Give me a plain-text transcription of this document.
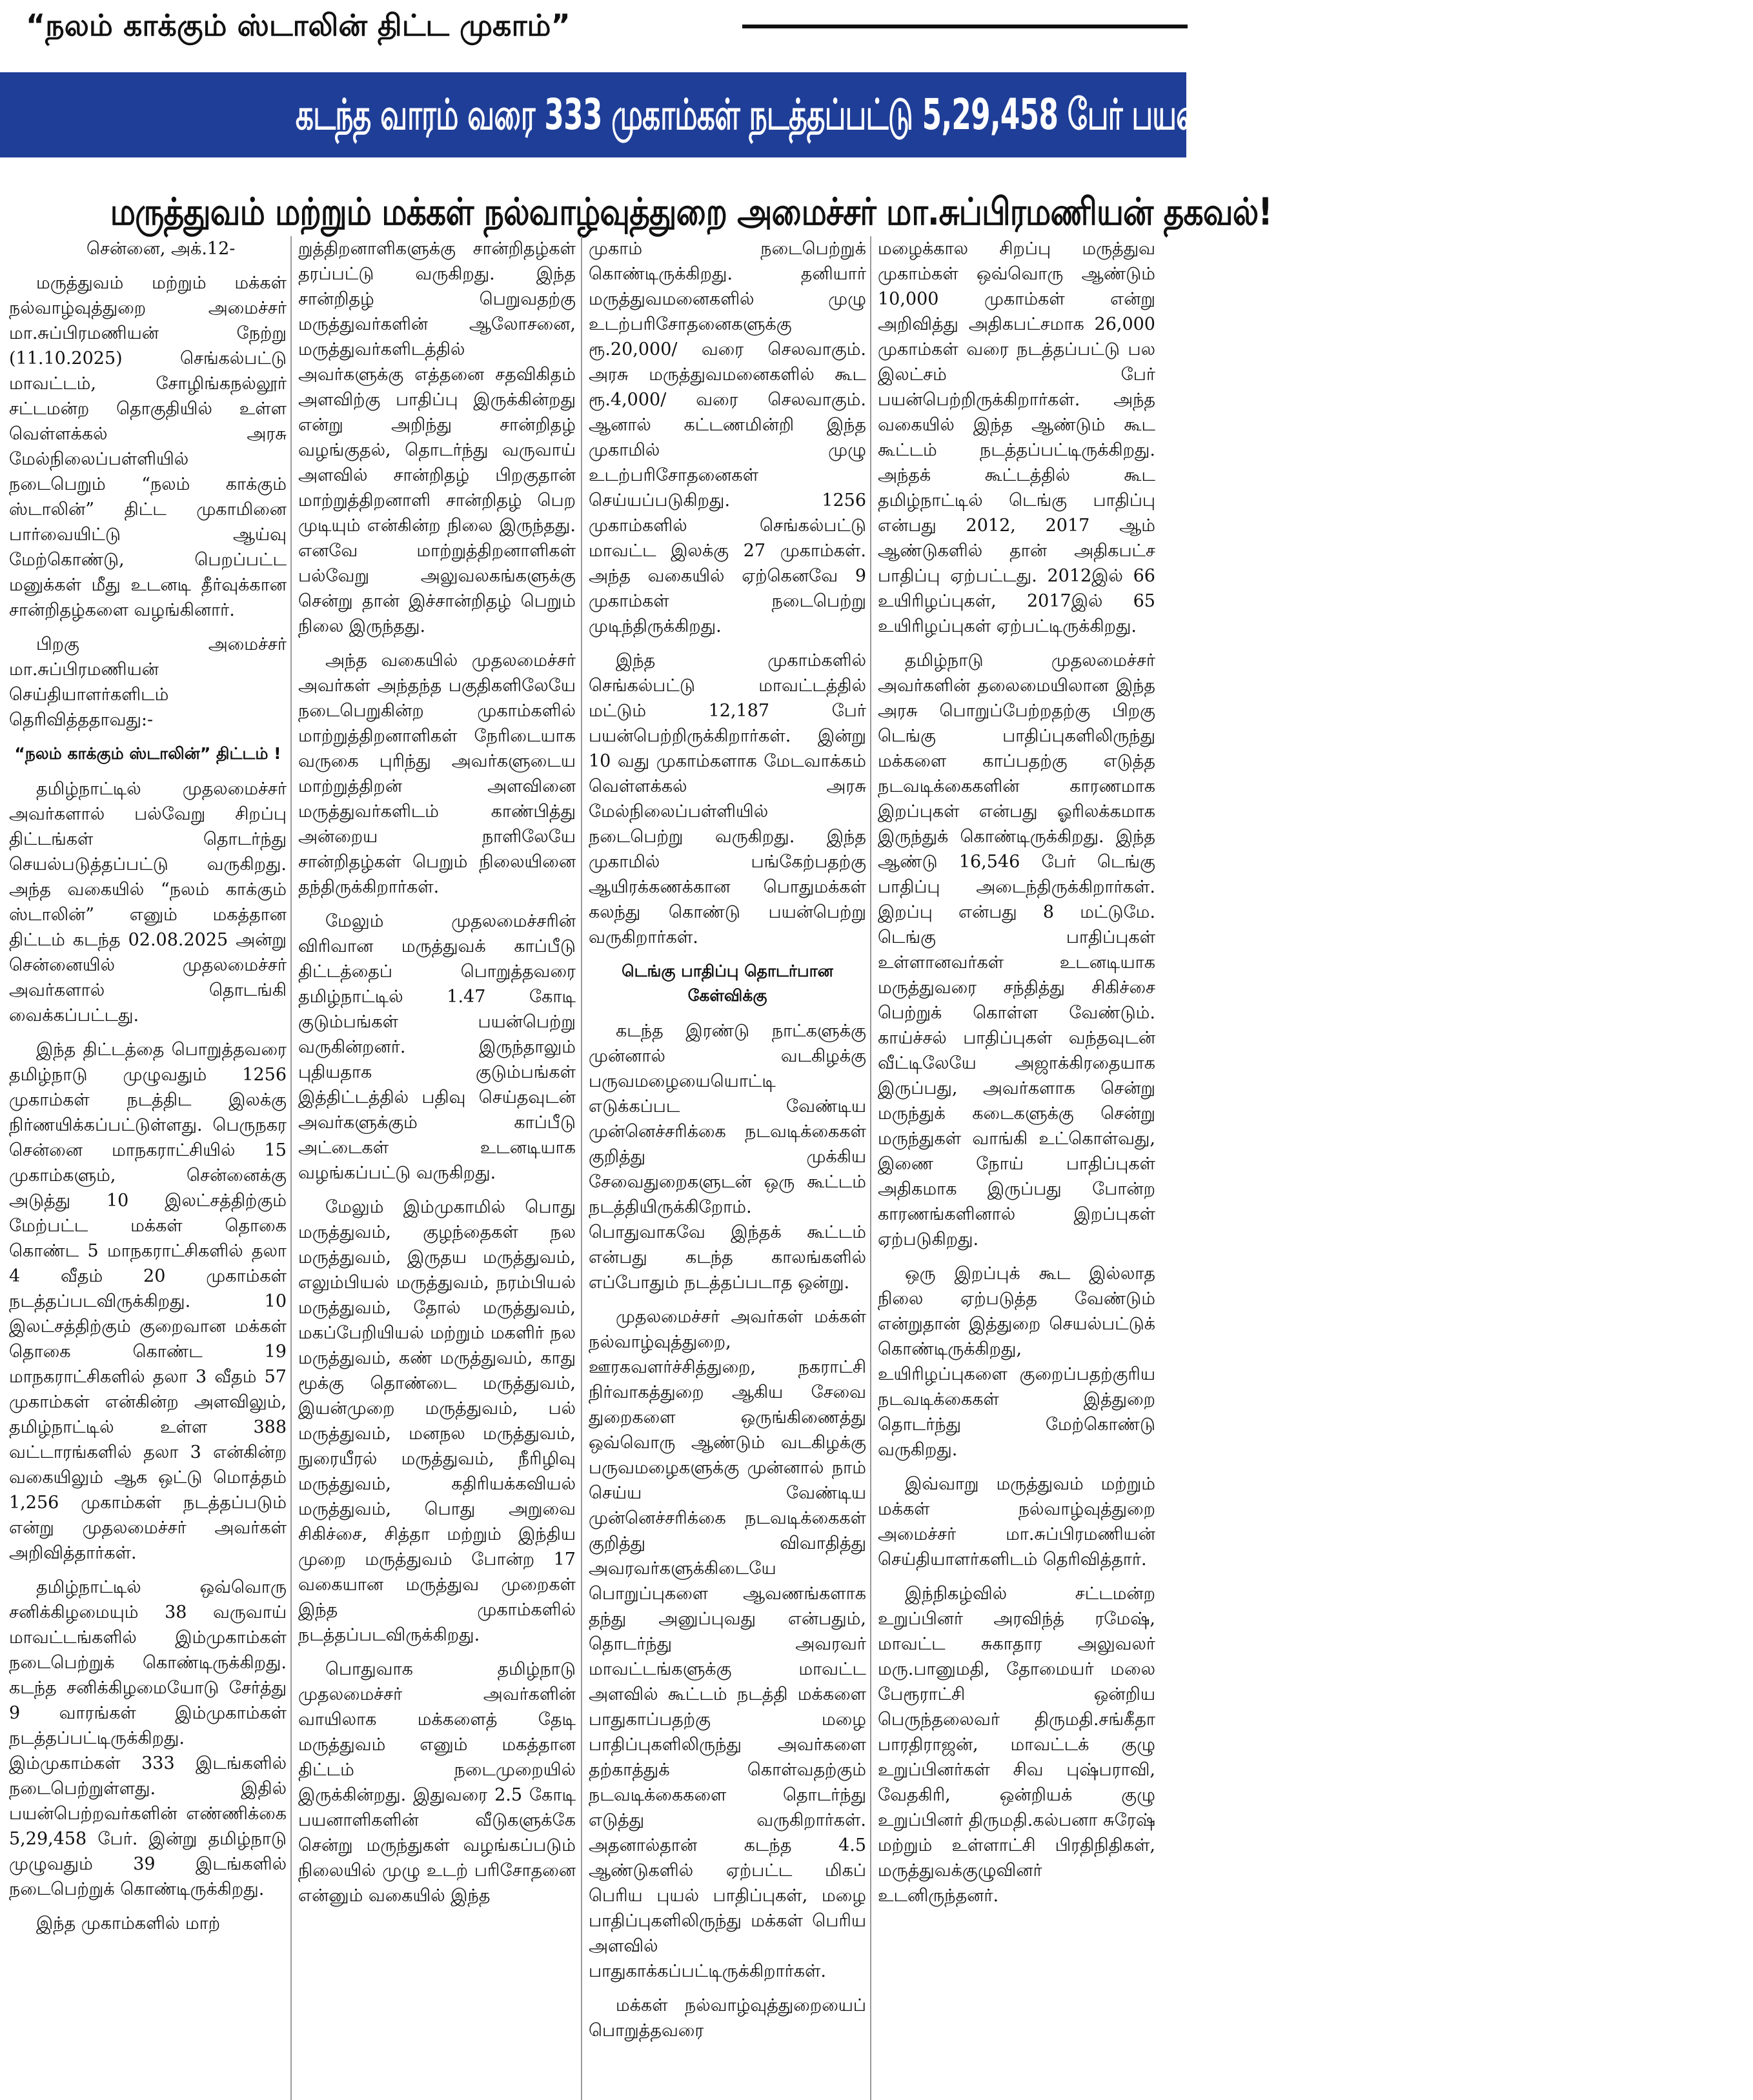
“நலம் காக்கும் ஸ்டாலின் திட்ட முகாம்”
கடந்த வாரம் வரை 333 முகாம்கள் நடத்தப்பட்டு 5,29,458 பேர் பயன்பெற்றிருக்கிறார்கள்!
மருத்துவம் மற்றும் மக்கள் நல்வாழ்வுத்துறை அமைச்சர் மா.சுப்பிரமணியன் தகவல்!

சென்னை, அக்.12-

மருத்துவம் மற்றும் மக்கள் நல்வாழ்வுத்துறை அமைச்சர் மா.சுப்பிரமணியன் நேற்று (11.10.2025) செங்கல்பட்டு மாவட்டம், சோழிங்கநல்லூர் சட்டமன்ற தொகுதியில் உள்ள வெள்ளக்கல் அரசு மேல்நிலைப்பள்ளியில் நடைபெறும் “நலம் காக்கும் ஸ்டாலின்” திட்ட முகாமினை பார்வையிட்டு ஆய்வு மேற்கொண்டு, பெறப்பட்ட மனுக்கள் மீது உடனடி தீர்வுக்கான சான்றிதழ்களை வழங்கினார்.

பிறகு அமைச்சர் மா.சுப்பிரமணியன் செய்தியாளர்களிடம் தெரிவித்ததாவது:-

“நலம் காக்கும் ஸ்டாலின்” திட்டம் !

தமிழ்நாட்டில் முதலமைச்சர் அவர்களால் பல்வேறு சிறப்பு திட்டங்கள் தொடர்ந்து செயல்படுத்தப்பட்டு வருகிறது. அந்த வகையில் “நலம் காக்கும் ஸ்டாலின்” எனும் மகத்தான திட்டம் கடந்த 02.08.2025 அன்று சென்னையில் முதலமைச்சர் அவர்களால் தொடங்கி வைக்கப்பட்டது.

இந்த திட்டத்தை பொறுத்தவரை தமிழ்நாடு முழுவதும் 1256 முகாம்கள் நடத்திட இலக்கு நிர்ணயிக்கப்பட்டுள்ளது. பெருநகர சென்னை மாநகராட்சியில் 15 முகாம்களும், சென்னைக்கு அடுத்து 10 இலட்சத்திற்கும் மேற்பட்ட மக்கள் தொகை கொண்ட 5 மாநகராட்சிகளில் தலா 4 வீதம் 20 முகாம்கள் நடத்தப்படவிருக்கிறது. 10 இலட்சத்திற்கும் குறைவான மக்கள் தொகை கொண்ட 19 மாநகராட்சிகளில் தலா 3 வீதம் 57 முகாம்கள் என்கின்ற அளவிலும், தமிழ்நாட்டில் உள்ள 388 வட்டாரங்களில் தலா 3 என்கின்ற வகையிலும் ஆக ஒட்டு மொத்தம் 1,256 முகாம்கள் நடத்தப்படும் என்று முதலமைச்சர் அவர்கள் அறிவித்தார்கள்.

தமிழ்நாட்டில் ஒவ்வொரு சனிக்கிழமையும் 38 வருவாய் மாவட்டங்களில் இம்முகாம்கள் நடைபெற்றுக் கொண்டிருக்கிறது. கடந்த சனிக்கிழமையோடு சேர்த்து 9 வாரங்கள் இம்முகாம்கள் நடத்தப்பட்டிருக்கிறது. இம்முகாம்கள் 333 இடங்களில் நடைபெற்றுள்ளது. இதில் பயன்பெற்றவர்களின் எண்ணிக்கை 5,29,458 பேர். இன்று தமிழ்நாடு முழுவதும் 39 இடங்களில் நடைபெற்றுக் கொண்டிருக்கிறது.

இந்த முகாம்களில் மாற்

றுத்திறனாளிகளுக்கு சான்றிதழ்கள் தரப்பட்டு வருகிறது. இந்த சான்றிதழ் பெறுவதற்கு மருத்துவர்களின் ஆலோசனை, மருத்துவர்களிடத்தில் அவர்களுக்கு எத்தனை சதவிகிதம் அளவிற்கு பாதிப்பு இருக்கின்றது என்று அறிந்து சான்றிதழ் வழங்குதல், தொடர்ந்து வருவாய் அளவில் சான்றிதழ் பிறகுதான் மாற்றுத்திறனாளி சான்றிதழ் பெற முடியும் என்கின்ற நிலை இருந்தது. எனவே மாற்றுத்திறனாளிகள் பல்வேறு அலுவலகங்களுக்கு சென்று தான் இச்சான்றிதழ் பெறும் நிலை இருந்தது.

அந்த வகையில் முதலமைச்சர் அவர்கள் அந்தந்த பகுதிகளிலேயே நடைபெறுகின்ற முகாம்களில் மாற்றுத்திறனாளிகள் நேரிடையாக வருகை புரிந்து அவர்களுடைய மாற்றுத்திறன் அளவினை மருத்துவர்களிடம் காண்பித்து அன்றைய நாளிலேயே சான்றிதழ்கள் பெறும் நிலையினை தந்திருக்கிறார்கள்.

மேலும் முதலமைச்சரின் விரிவான மருத்துவக் காப்பீடு திட்டத்தைப் பொறுத்தவரை தமிழ்நாட்டில் 1.47 கோடி குடும்பங்கள் பயன்பெற்று வருகின்றனர். இருந்தாலும் புதியதாக குடும்பங்கள் இத்திட்டத்தில் பதிவு செய்தவுடன் அவர்களுக்கும் காப்பீடு அட்டைகள் உடனடியாக வழங்கப்பட்டு வருகிறது.

மேலும் இம்முகாமில் பொது மருத்துவம், குழந்தைகள் நல மருத்துவம், இருதய மருத்துவம், எலும்பியல் மருத்துவம், நரம்பியல் மருத்துவம், தோல் மருத்துவம், மகப்பேறியியல் மற்றும் மகளிர் நல மருத்துவம், கண் மருத்துவம், காது மூக்கு தொண்டை மருத்துவம், இயன்முறை மருத்துவம், பல் மருத்துவம், மனநல மருத்துவம், நுரையீரல் மருத்துவம், நீரிழிவு மருத்துவம், கதிரியக்கவியல் மருத்துவம், பொது அறுவை சிகிச்சை, சித்தா மற்றும் இந்திய முறை மருத்துவம் போன்ற 17 வகையான மருத்துவ முறைகள் இந்த முகாம்களில் நடத்தப்படவிருக்கிறது.

பொதுவாக தமிழ்நாடு முதலமைச்சர் அவர்களின் வாயிலாக மக்களைத் தேடி மருத்துவம் எனும் மகத்தான திட்டம் நடைமுறையில் இருக்கின்றது. இதுவரை 2.5 கோடி பயனாளிகளின் வீடுகளுக்கே சென்று மருந்துகள் வழங்கப்படும் நிலையில் முழு உடற் பரிசோதனை என்னும் வகையில் இந்த

முகாம் நடைபெற்றுக் கொண்டிருக்கிறது. தனியார் மருத்துவமனைகளில் முழு உடற்பரிசோதனைகளுக்கு ரூ.20,000/ வரை செலவாகும். அரசு மருத்துவமனைகளில் கூட ரூ.4,000/ வரை செலவாகும். ஆனால் கட்டணமின்றி இந்த முகாமில் முழு உடற்பரிசோதனைகள் செய்யப்படுகிறது. 1256 முகாம்களில் செங்கல்பட்டு மாவட்ட இலக்கு 27 முகாம்கள். அந்த வகையில் ஏற்கெனவே 9 முகாம்கள் நடைபெற்று முடிந்திருக்கிறது.

இந்த முகாம்களில் செங்கல்பட்டு மாவட்டத்தில் மட்டும் 12,187 பேர் பயன்பெற்றிருக்கிறார்கள். இன்று 10 வது முகாம்களாக மேடவாக்கம் வெள்ளக்கல் அரசு மேல்நிலைப்பள்ளியில் நடைபெற்று வருகிறது. இந்த முகாமில் பங்கேற்பதற்கு ஆயிரக்கணக்கான பொதுமக்கள் கலந்து கொண்டு பயன்பெற்று வருகிறார்கள்.

டெங்கு பாதிப்பு தொடர்பான கேள்விக்கு

கடந்த இரண்டு நாட்களுக்கு முன்னால் வடகிழக்கு பருவமழையையொட்டி எடுக்கப்பட வேண்டிய முன்னெச்சரிக்கை நடவடிக்கைகள் குறித்து முக்கிய சேவைதுறைகளுடன் ஒரு கூட்டம் நடத்தியிருக்கிறோம். பொதுவாகவே இந்தக் கூட்டம் என்பது கடந்த காலங்களில் எப்போதும் நடத்தப்படாத ஒன்று.

முதலமைச்சர் அவர்கள் மக்கள் நல்வாழ்வுத்துறை, ஊரகவளர்ச்சித்துறை, நகராட்சி நிர்வாகத்துறை ஆகிய சேவை துறைகளை ஒருங்கிணைத்து ஒவ்வொரு ஆண்டும் வடகிழக்கு பருவமழைகளுக்கு முன்னால் நாம் செய்ய வேண்டிய முன்னெச்சரிக்கை நடவடிக்கைகள் குறித்து விவாதித்து அவரவர்களுக்கிடையே பொறுப்புகளை ஆவணங்களாக தந்து அனுப்புவது என்பதும், தொடர்ந்து அவரவர் மாவட்டங்களுக்கு மாவட்ட அளவில் கூட்டம் நடத்தி மக்களை பாதுகாப்பதற்கு மழை பாதிப்புகளிலிருந்து அவர்களை தற்காத்துக் கொள்வதற்கும் நடவடிக்கைகளை தொடர்ந்து எடுத்து வருகிறார்கள். அதனால்தான் கடந்த 4.5 ஆண்டுகளில் ஏற்பட்ட மிகப் பெரிய புயல் பாதிப்புகள், மழை பாதிப்புகளிலிருந்து மக்கள் பெரிய அளவில் பாதுகாக்கப்பட்டிருக்கிறார்கள்.

மக்கள் நல்வாழ்வுத்துறையைப் பொறுத்தவரை

மழைக்கால சிறப்பு மருத்துவ முகாம்கள் ஒவ்வொரு ஆண்டும் 10,000 முகாம்கள் என்று அறிவித்து அதிகபட்சமாக 26,000 முகாம்கள் வரை நடத்தப்பட்டு பல இலட்சம் பேர் பயன்பெற்றிருக்கிறார்கள். அந்த வகையில் இந்த ஆண்டும் கூட கூட்டம் நடத்தப்பட்டிருக்கிறது. அந்தக் கூட்டத்தில் கூட தமிழ்நாட்டில் டெங்கு பாதிப்பு என்பது 2012, 2017 ஆம் ஆண்டுகளில் தான் அதிகபட்ச பாதிப்பு ஏற்பட்டது. 2012இல் 66 உயிரிழப்புகள், 2017இல் 65 உயிரிழப்புகள் ஏற்பட்டிருக்கிறது.

தமிழ்நாடு முதலமைச்சர் அவர்களின் தலைமையிலான இந்த அரசு பொறுப்பேற்றதற்கு பிறகு டெங்கு பாதிப்புகளிலிருந்து மக்களை காப்பதற்கு எடுத்த நடவடிக்கைகளின் காரணமாக இறப்புகள் என்பது ஓரிலக்கமாக இருந்துக் கொண்டிருக்கிறது. இந்த ஆண்டு 16,546 பேர் டெங்கு பாதிப்பு அடைந்திருக்கிறார்கள். இறப்பு என்பது 8 மட்டுமே. டெங்கு பாதிப்புகள் உள்ளானவர்கள் உடனடியாக மருத்துவரை சந்தித்து சிகிச்சை பெற்றுக் கொள்ள வேண்டும். காய்ச்சல் பாதிப்புகள் வந்தவுடன் வீட்டிலேயே அஜாக்கிரதையாக இருப்பது, அவர்களாக சென்று மருந்துக் கடைகளுக்கு சென்று மருந்துகள் வாங்கி உட்கொள்வது, இணை நோய் பாதிப்புகள் அதிகமாக இருப்பது போன்ற காரணங்களினால் இறப்புகள் ஏற்படுகிறது.

ஒரு இறப்புக் கூட இல்லாத நிலை ஏற்படுத்த வேண்டும் என்றுதான் இத்துறை செயல்பட்டுக் கொண்டிருக்கிறது, உயிரிழப்புகளை குறைப்பதற்குரிய நடவடிக்கைகள் இத்துறை தொடர்ந்து மேற்கொண்டு வருகிறது.

இவ்வாறு மருத்துவம் மற்றும் மக்கள் நல்வாழ்வுத்துறை அமைச்சர் மா.சுப்பிரமணியன் செய்தியாளர்களிடம் தெரிவித்தார்.

இந்நிகழ்வில் சட்டமன்ற உறுப்பினர் அரவிந்த் ரமேஷ், மாவட்ட சுகாதார அலுவலர் மரு.பானுமதி, தோமையர் மலை பேரூராட்சி ஒன்றிய பெருந்தலைவர் திருமதி.சங்கீதா பாரதிராஜன், மாவட்டக் குழு உறுப்பினர்கள் சிவ புஷ்பராவி, வேதகிரி, ஒன்றியக் குழு உறுப்பினர் திருமதி.கல்பனா சுரேஷ் மற்றும் உள்ளாட்சி பிரதிநிதிகள், மருத்துவக்குழுவினர் உடனிருந்தனர்.
